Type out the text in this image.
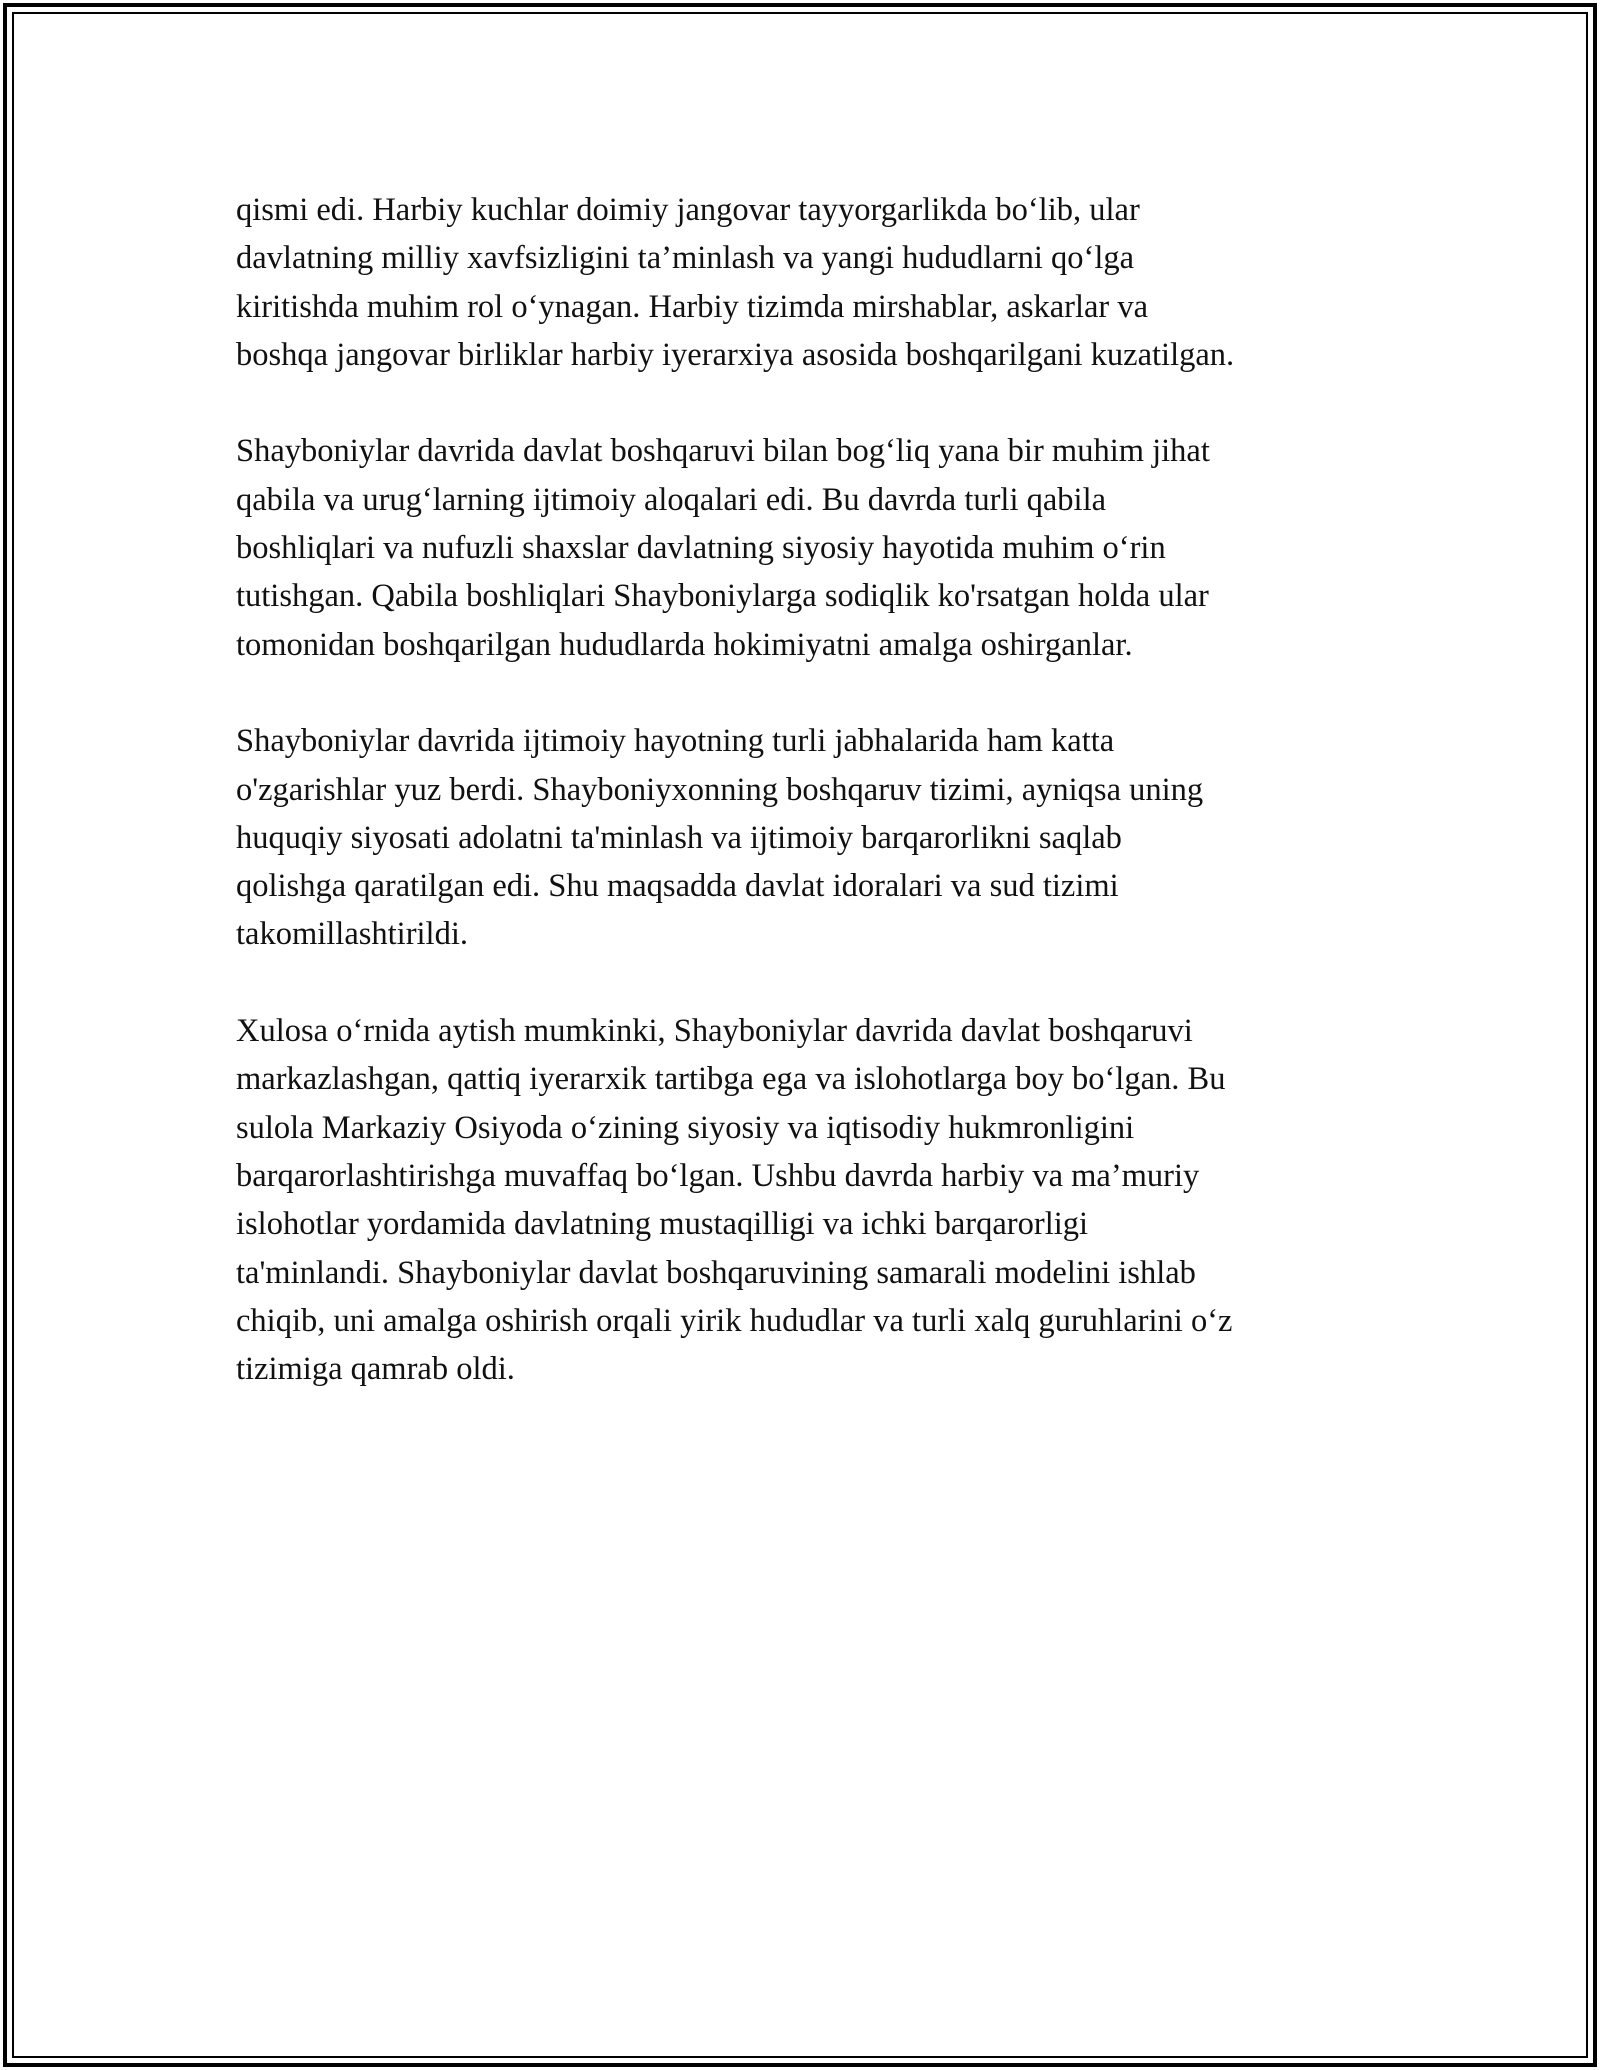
qismi edi. Harbiy kuchlar doimiy jangovar tayyorgarlikda bo‘lib, ular
davlatning milliy xavfsizligini ta’minlash va yangi hududlarni qo‘lga
kiritishda muhim rol o‘ynagan. Harbiy tizimda mirshablar, askarlar va
boshqa jangovar birliklar harbiy iyerarxiya asosida boshqarilgani kuzatilgan.

Shayboniylar davrida davlat boshqaruvi bilan bog‘liq yana bir muhim jihat
qabila va urug‘larning ijtimoiy aloqalari edi. Bu davrda turli qabila
boshliqlari va nufuzli shaxslar davlatning siyosiy hayotida muhim o‘rin
tutishgan. Qabila boshliqlari Shayboniylarga sodiqlik ko'rsatgan holda ular
tomonidan boshqarilgan hududlarda hokimiyatni amalga oshirganlar.

Shayboniylar davrida ijtimoiy hayotning turli jabhalarida ham katta
o'zgarishlar yuz berdi. Shayboniyxonning boshqaruv tizimi, ayniqsa uning
huquqiy siyosati adolatni ta'minlash va ijtimoiy barqarorlikni saqlab
qolishga qaratilgan edi. Shu maqsadda davlat idoralari va sud tizimi
takomillashtirildi.

Xulosa o‘rnida aytish mumkinki, Shayboniylar davrida davlat boshqaruvi
markazlashgan, qattiq iyerarxik tartibga ega va islohotlarga boy bo‘lgan. Bu
sulola Markaziy Osiyoda o‘zining siyosiy va iqtisodiy hukmronligini
barqarorlashtirishga muvaffaq bo‘lgan. Ushbu davrda harbiy va ma’muriy
islohotlar yordamida davlatning mustaqilligi va ichki barqarorligi
ta'minlandi. Shayboniylar davlat boshqaruvining samarali modelini ishlab
chiqib, uni amalga oshirish orqali yirik hududlar va turli xalq guruhlarini o‘z
tizimiga qamrab oldi.
